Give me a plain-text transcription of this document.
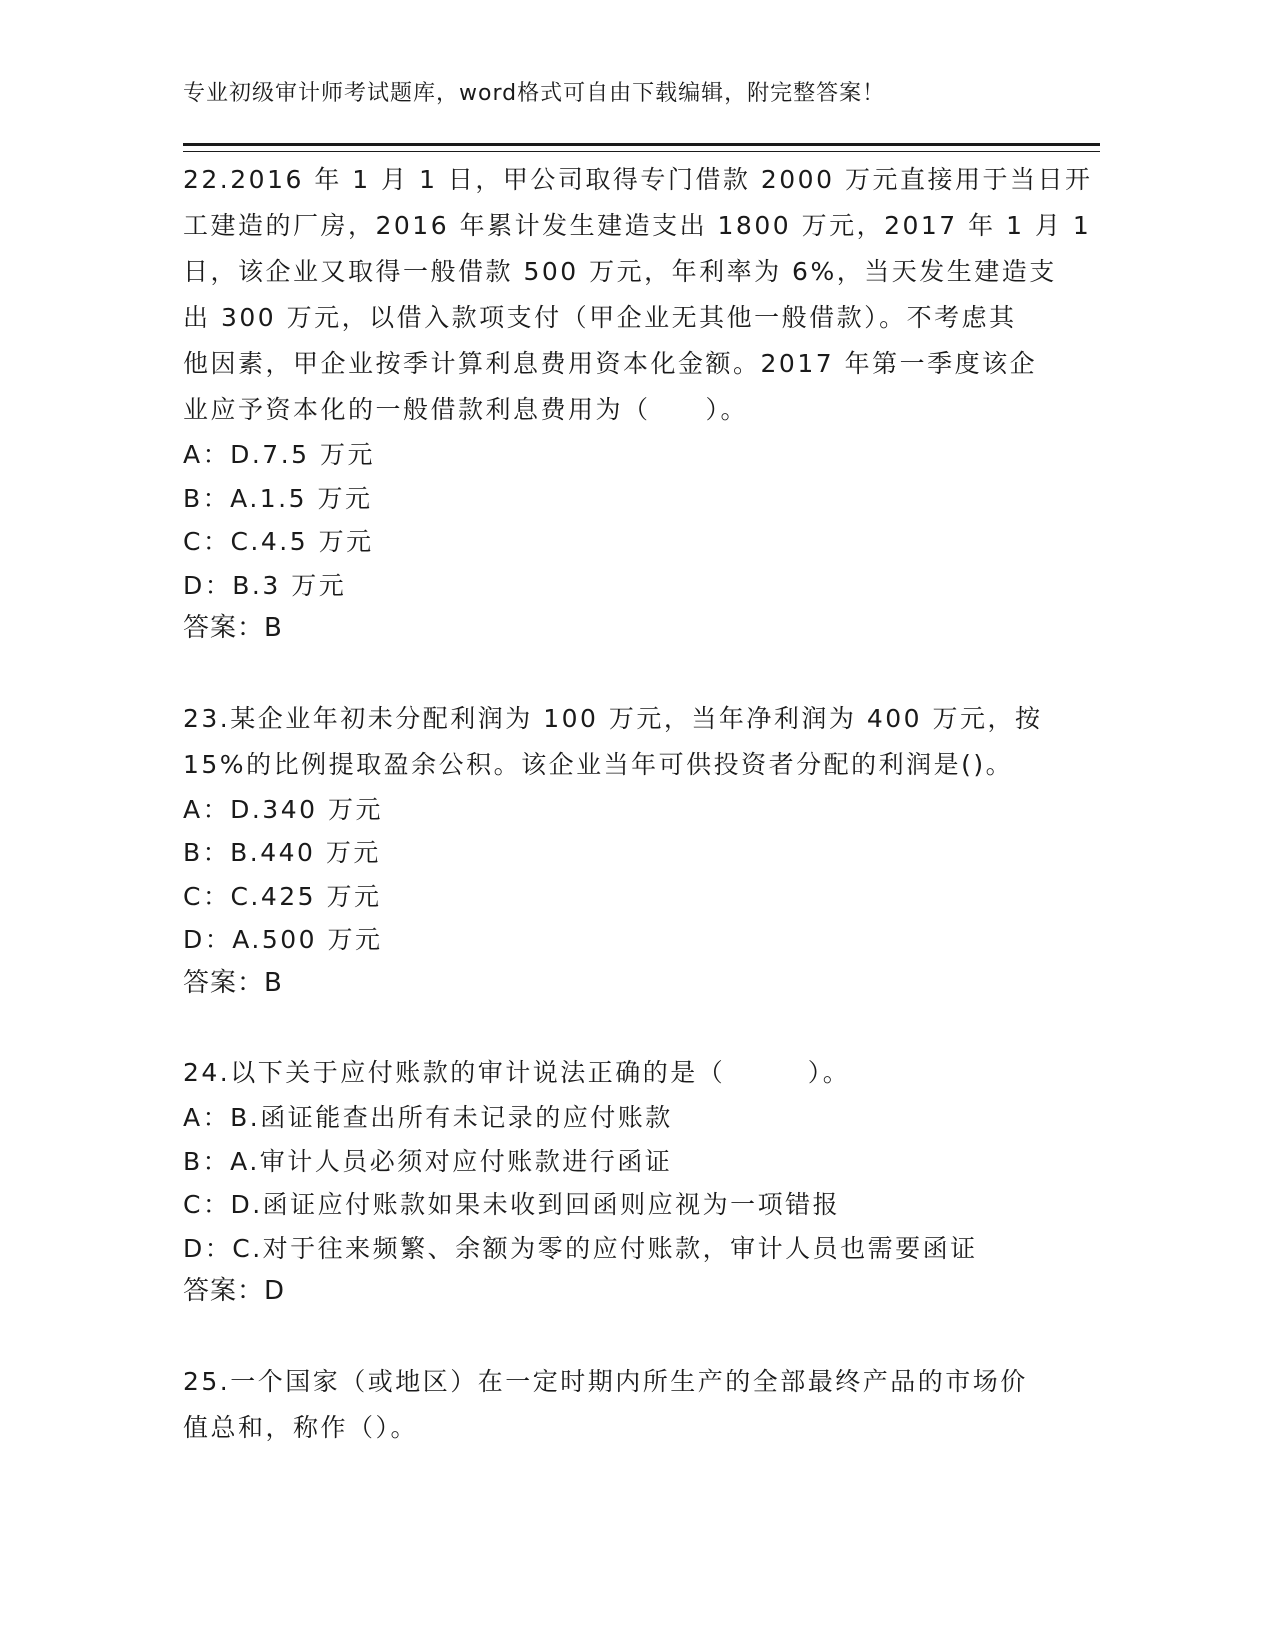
专业初级审计师考试题库，word格式可自由下载编辑，附完整答案！
22.2016 年 1 月 1 日，甲公司取得专门借款 2000 万元直接用于当日开
工建造的厂房，2016 年累计发生建造支出 1800 万元，2017 年 1 月 1
日，该企业又取得一般借款 500 万元，年利率为 6%，当天发生建造支
出 300 万元，以借入款项支付（甲企业无其他一般借款）。不考虑其
他因素，甲企业按季计算利息费用资本化金额。2017 年第一季度该企
业应予资本化的一般借款利息费用为（　　）。
A：D.7.5 万元
B：A.1.5 万元
C：C.4.5 万元
D：B.3 万元
答案：B
23.某企业年初未分配利润为 100 万元，当年净利润为 400 万元，按
15%的比例提取盈余公积。该企业当年可供投资者分配的利润是()。
A：D.340 万元
B：B.440 万元
C：C.425 万元
D：A.500 万元
答案：B
24.以下关于应付账款的审计说法正确的是（　　　）。
A：B.函证能查出所有未记录的应付账款
B：A.审计人员必须对应付账款进行函证
C：D.函证应付账款如果未收到回函则应视为一项错报
D：C.对于往来频繁、余额为零的应付账款，审计人员也需要函证
答案：D
25.一个国家（或地区）在一定时期内所生产的全部最终产品的市场价
值总和，称作（）。
